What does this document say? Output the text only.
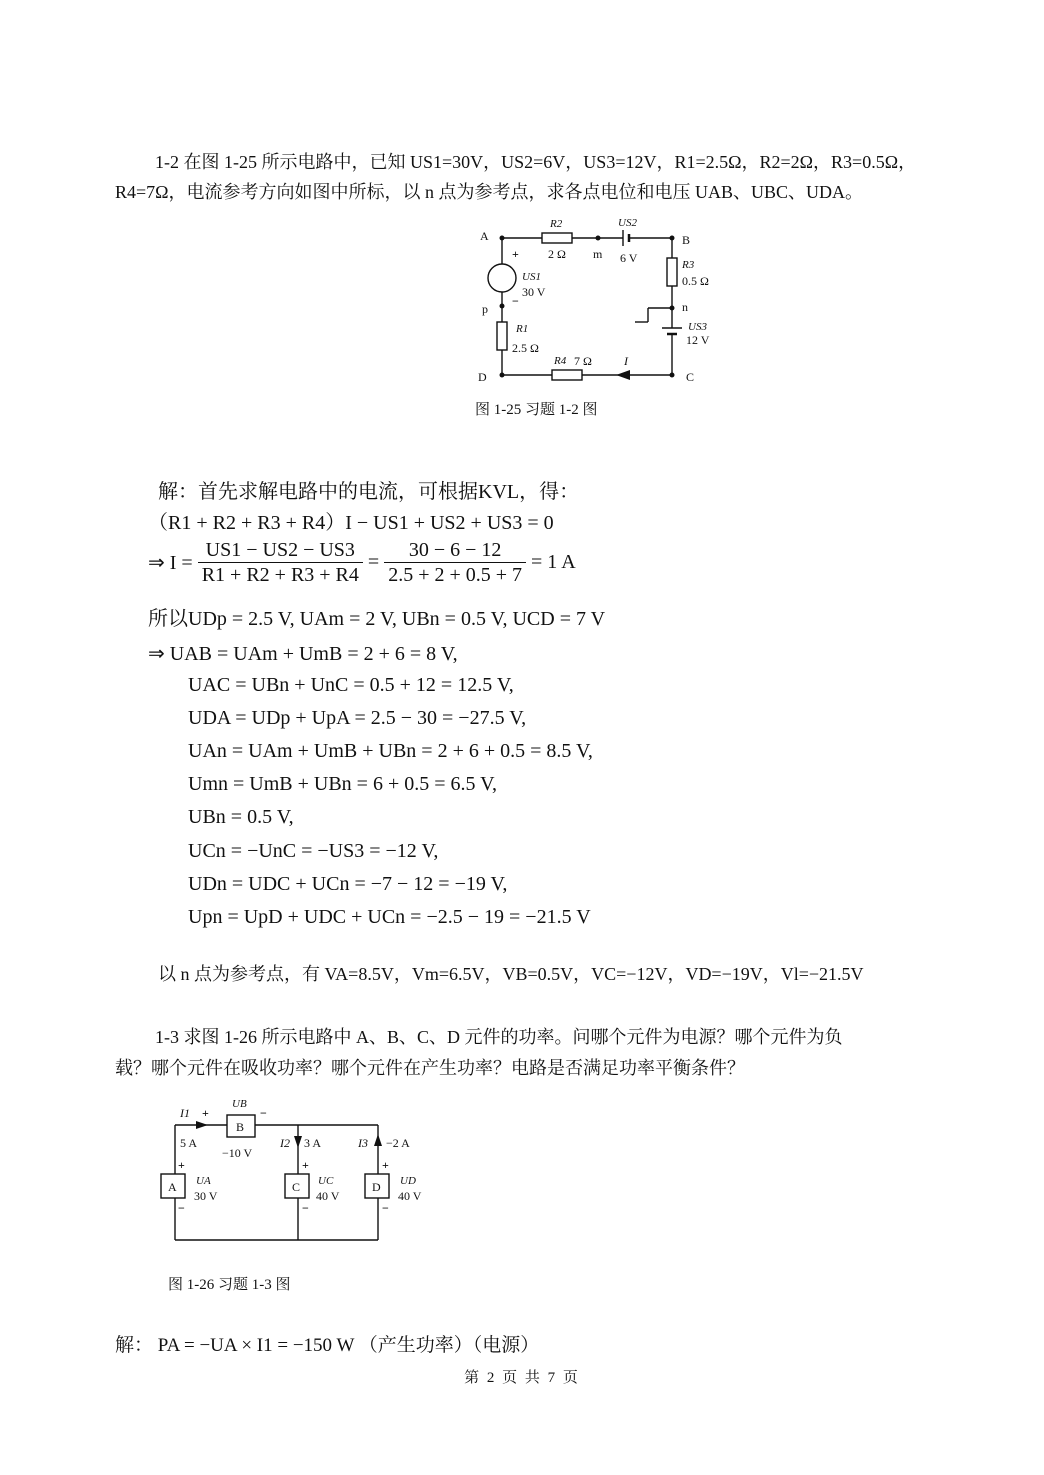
1-2 在图 1-25 所示电路中，已知 US1=30V，US2=6V，US3=12V，R1=2.5Ω，R2=2Ω，R3=0.5Ω，
R4=7Ω，电流参考方向如图中所标，以 n 点为参考点，求各点电位和电压 UAB、UBC、UDA。
A	B
C
D
m
n
p
R2
2 Ω
US2
6 V	R3
0.5 Ω
US1
30 V
US3
12 V
R1
2.5 Ω
R4 7 Ω	I
+
−
图 1-25 习题 1-2 图
解：首先求解电路中的电流，可根据KVL，得：
（R1 + R2 + R3 + R4）I − US1 + US2 + US3 = 0
⇒ $I = \frac{US1 - US2 - US3}{R1 + R2 + R3 + R4} = \frac{30 - 6 - 12}{2.5 + 2 + 0.5 + 7} = 1$ A
所以UDp = 2.5 V, UAm = 2 V, UBn = 0.5 V, UCD = 7 V
⇒ UAB = UAm + UmB = 2 + 6 = 8 V,
UAC = UBn + UnC = 0.5 + 12 = 12.5 V,
UDA = UDp + UpA = 2.5 − 30 = −27.5 V,
UAn = UAm + UmB + UBn = 2 + 6 + 0.5 = 8.5 V,
Umn = UmB + UBn = 6 + 0.5 = 6.5 V,
UBn = 0.5 V,
UCn = −UnC = −US3 = −12 V,
UDn = UDC + UCn = −7 − 12 = −19 V,
Upn = UpD + UDC + UCn = −2.5 − 19 = −21.5 V
以 n 点为参考点，有 VA=8.5V，Vm=6.5V，VB=0.5V，VC=−12V，VD=−19V，Vl=−21.5V
1-3 求图 1-26 所示电路中 A、B、C、D 元件的功率。问哪个元件为电源？哪个元件为负
载？哪个元件在吸收功率？哪个元件在产生功率？电路是否满足功率平衡条件？
I1 +
5 A
UB
B
−
−10 V
I2 3 A	I3 −2 A
+
A UA
30 V
−
+
C UC
40 V
−
+
D UD
40 V
−
图 1-26 习题 1-3 图
解： PA = −UA × I1 = −150 W （产生功率）（电源）
第 2 页 共 7 页
